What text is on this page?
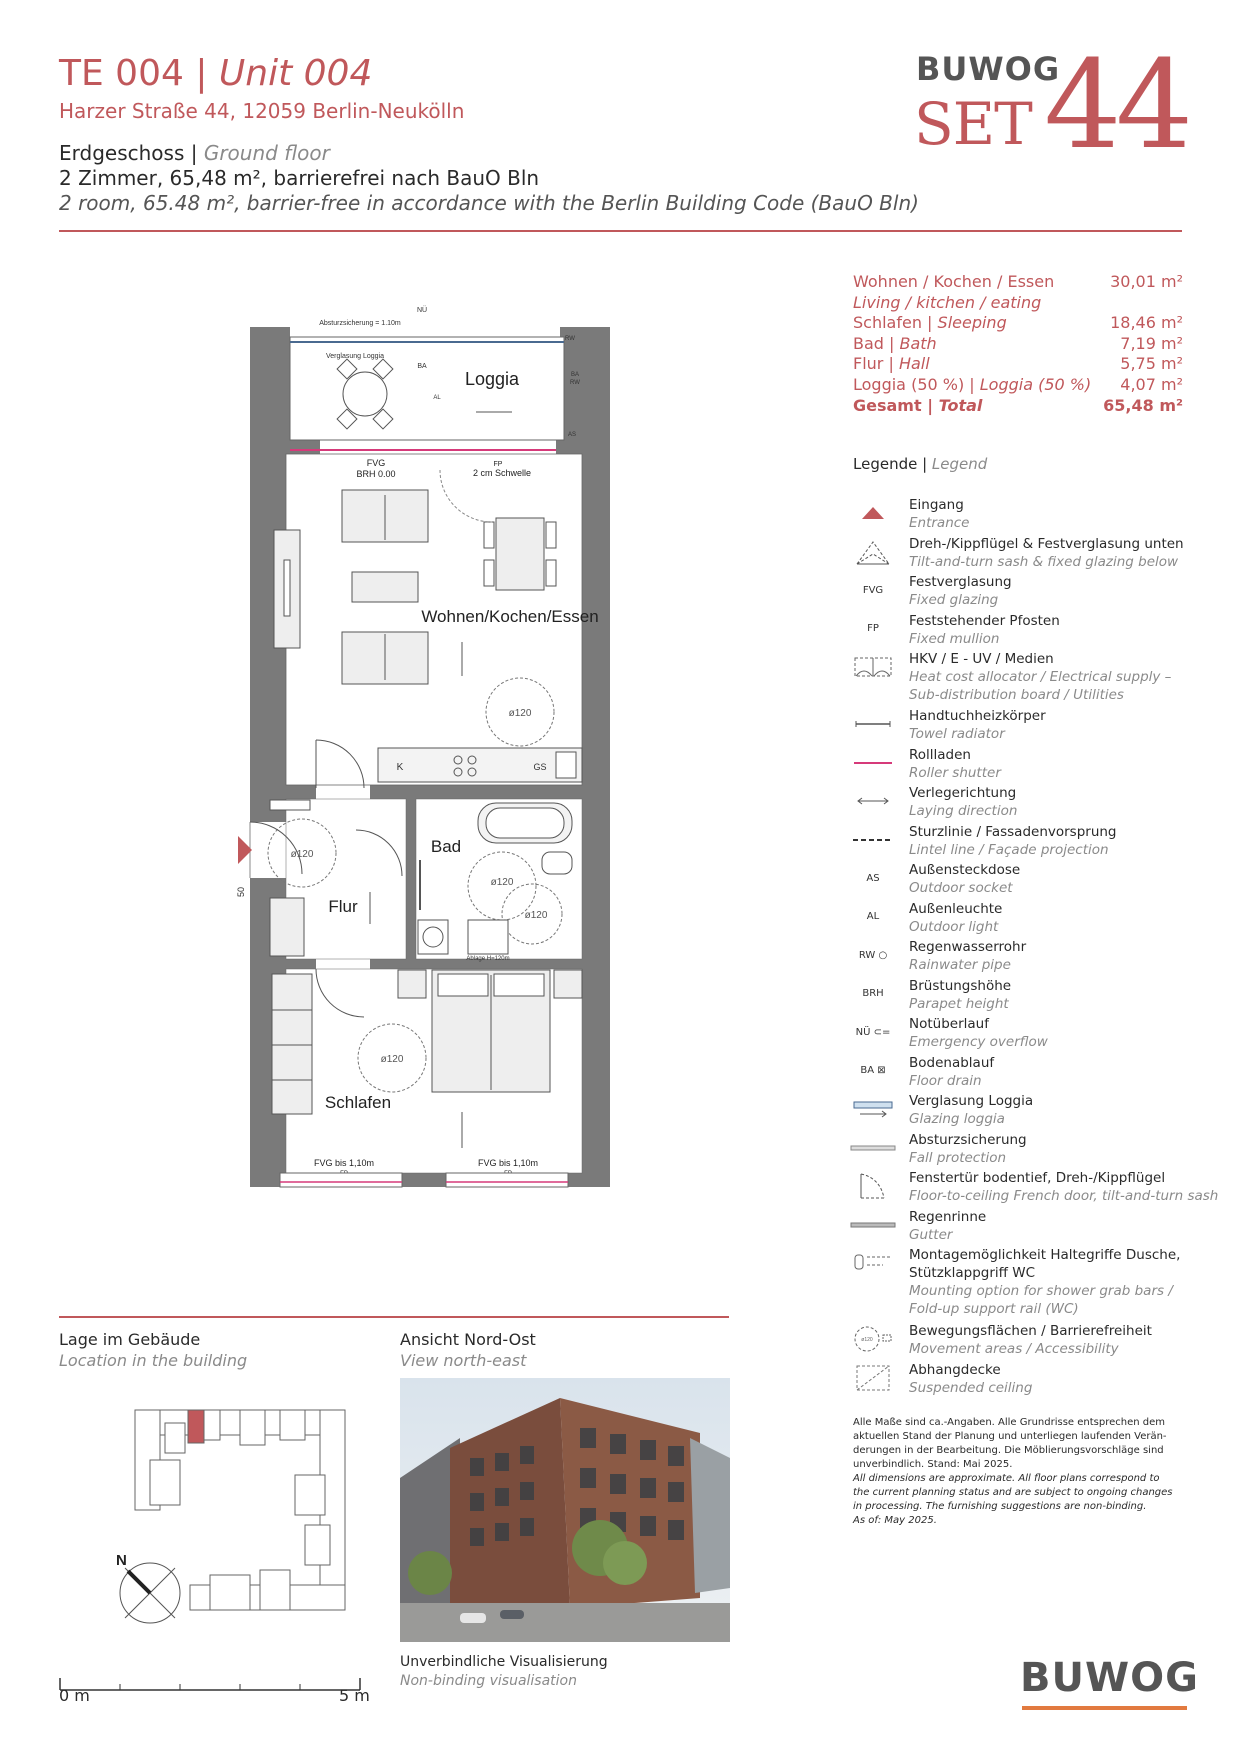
TE 004 | Unit 004
Harzer Straße 44, 12059 Berlin-Neukölln
Erdgeschoss | Ground floor
2 Zimmer, 65,48 m², barrierefrei nach BauO Bln
2 room, 65.48 m², barrier-free in accordance with the Berlin Building Code (BauO Bln)
BUWOG
SET 44
Wohnen / Kochen / Essen	30,01 m²
Living / kitchen / eating
Schlafen | Sleeping	18,46 m²
Bad | Bath	7,19 m²
Flur | Hall	5,75 m²
Loggia (50 %) | Loggia (50 %) 4,07 m²
Gesamt | Total	65,48 m²
Legende | Legend
Eingang
Entrance
Dreh-/Kippflügel & Festverglasung unten
Tilt-and-turn sash & fixed glazing below
FVG	Festverglasung
Fixed glazing
FP	Feststehender Pfosten
Fixed mullion
HKV / E - UV / Medien
Heat cost allocator / Electrical supply –
Sub-distribution board / Utilities
Handtuchheizkörper
Towel radiator
Rollladen
Roller shutter
Verlegerichtung
Laying direction
Sturzlinie / Fassadenvorsprung
Lintel line / Façade projection
AS	Außensteckdose
Outdoor socket
AL	Außenleuchte
Outdoor light
RW ○	Regenwasserrohr
Rainwater pipe
BRH	Brüstungshöhe
Parapet height
NÜ ⊂= Notüberlauf
Emergency overflow
BA ⊠	Bodenablauf
Floor drain
Verglasung Loggia
Glazing loggia
Absturzsicherung
Fall protection
Fenstertür bodentief, Dreh-/Kippflügel
Floor-to-ceiling French door, tilt-and-turn sash
Regenrinne
Gutter
Montagemöglichkeit Haltegriffe Dusche,
Stützklappgriff WC
Mounting option for shower grab bars /
Fold-up support rail (WC)
ø120
Bewegungsflächen / Barrierefreiheit
Movement areas / Accessibility
Abhangdecke
Suspended ceiling
Alle Maße sind ca.-Angaben. Alle Grundrisse entsprechen dem
aktuellen Stand der Planung und unterliegen laufenden Verän-
derungen in der Bearbeitung. Die Möblierungsvorschläge sind
unverbindlich. Stand: Mai 2025.
All dimensions are approximate. All floor plans correspond to
the current planning status and are subject to ongoing changes
in processing. The furnishing suggestions are non-binding.
As of: May 2025.
Loggia
Absturzsicherung = 1.10m
NÜ
Verglasung Loggia
BA
BA
RW
RW
AL
AS
FVG
BRH 0.00
FP
2 cm Schwelle
Wohnen/Kochen/Essen
ø120
K	GS
ø120
Flur
50
Bad
ø120
ø120
Ablage H=120m
ø120
Schlafen
FVG bis 1,10m	FVG bis 1,10m
Lage im Gebäude
Location in the building
Ansicht Nord-Ost
View north-east
N
Unverbindliche Visualisierung
Non-binding visualisation
0 m	5 m	BUWOG
